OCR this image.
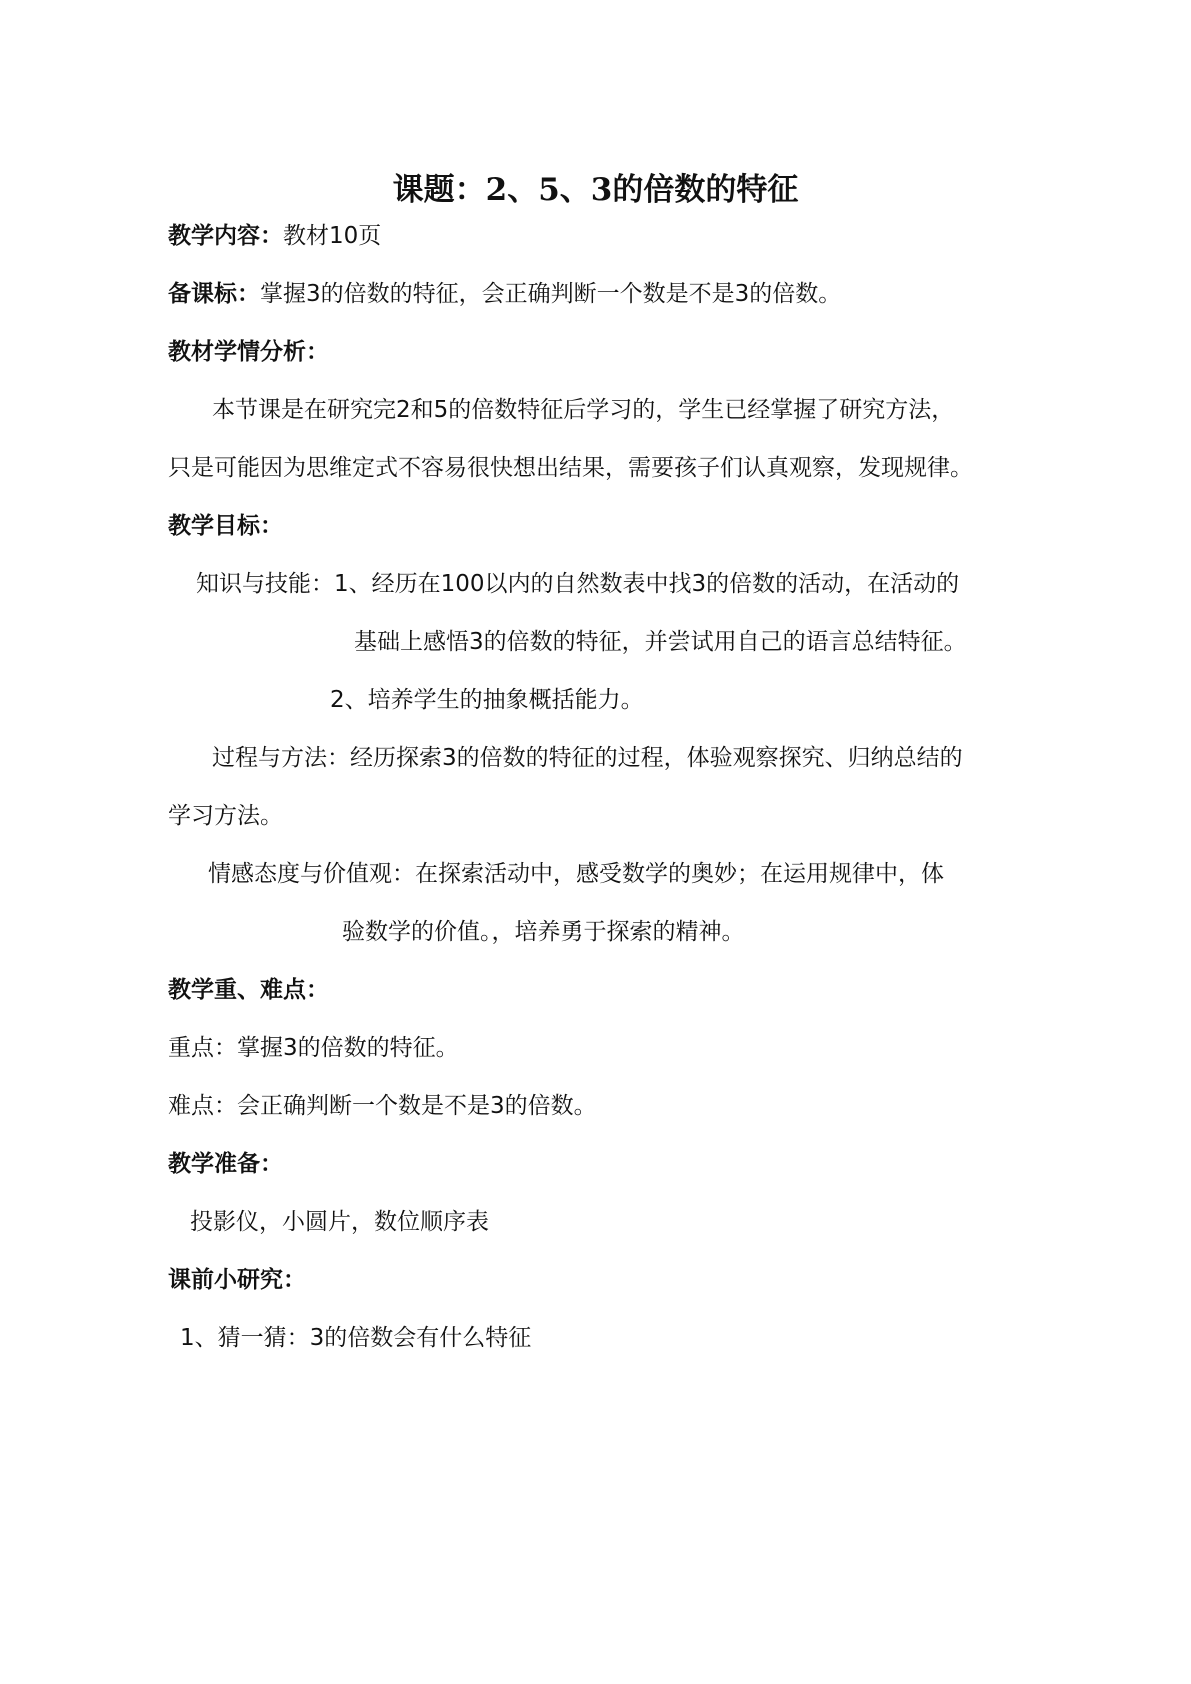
课题：2、5、3的倍数的特征
教学内容：教材10页
备课标：掌握3的倍数的特征，会正确判断一个数是不是3的倍数。
教材学情分析：
本节课是在研究完2和5的倍数特征后学习的，学生已经掌握了研究方法，
只是可能因为思维定式不容易很快想出结果，需要孩子们认真观察，发现规律。
教学目标：
知识与技能：1、经历在100以内的自然数表中找3的倍数的活动，在活动的
基础上感悟3的倍数的特征，并尝试用自己的语言总结特征。
2、培养学生的抽象概括能力。
过程与方法：经历探索3的倍数的特征的过程，体验观察探究、归纳总结的
学习方法。
情感态度与价值观：在探索活动中，感受数学的奥妙；在运用规律中，体
验数学的价值。，培养勇于探索的精神。
教学重、难点：
重点：掌握3的倍数的特征。
难点：会正确判断一个数是不是3的倍数。
教学准备：
投影仪，小圆片，数位顺序表
课前小研究：
1、猜一猜：3的倍数会有什么特征
